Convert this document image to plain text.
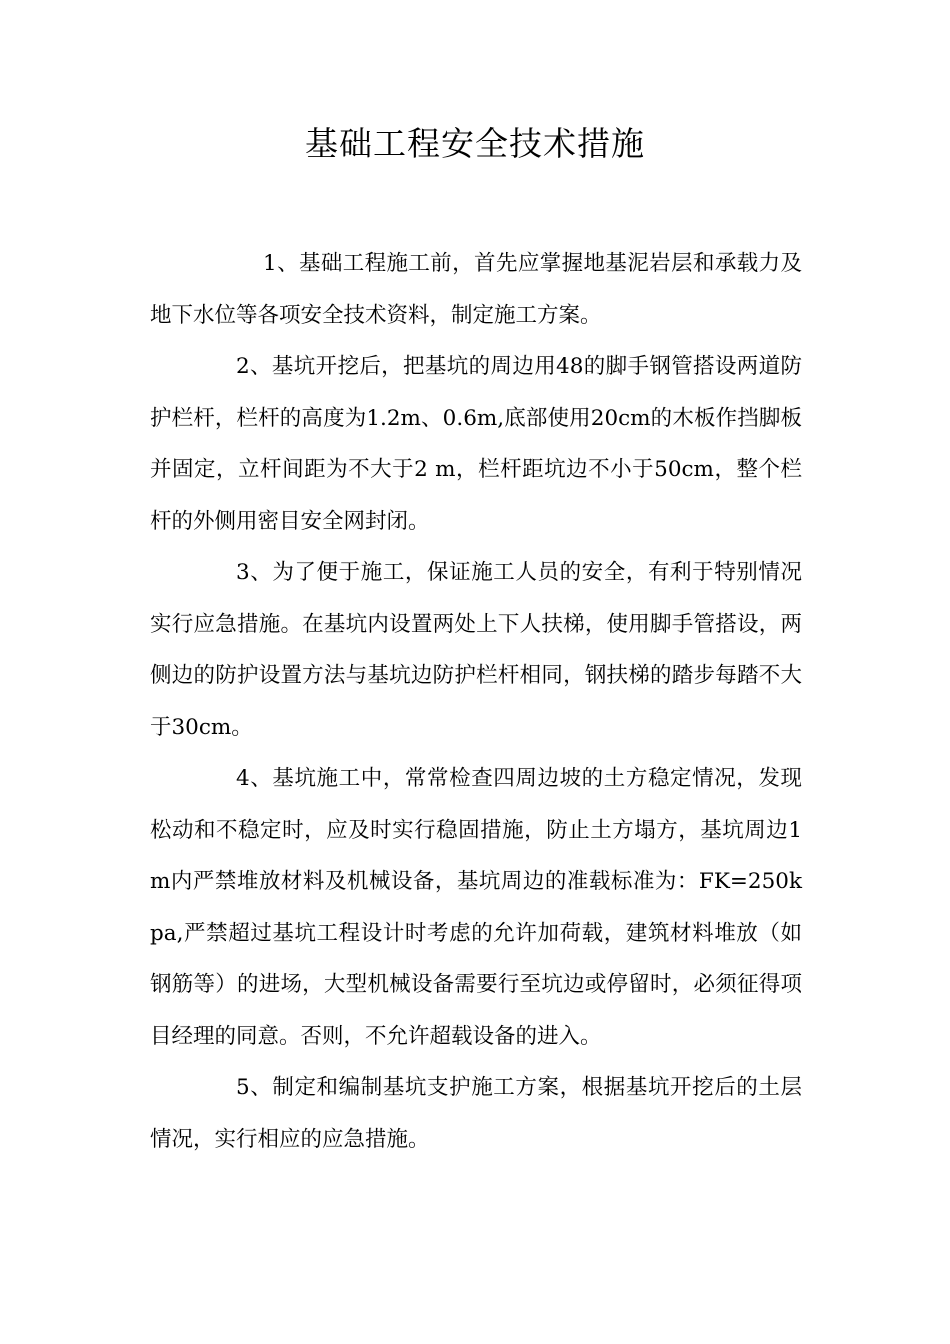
基础工程安全技术措施

1、基础工程施工前，首先应掌握地基泥岩层和承载力及地下水位等各项安全技术资料，制定施工方案。

2、基坑开挖后，把基坑的周边用48的脚手钢管搭设两道防护栏杆，栏杆的高度为1.2m、0.6m,底部使用20cm的木板作挡脚板并固定，立杆间距为不大于2 m，栏杆距坑边不小于50cm，整个栏杆的外侧用密目安全网封闭。

3、为了便于施工，保证施工人员的安全，有利于特别情况实行应急措施。在基坑内设置两处上下人扶梯，使用脚手管搭设，两侧边的防护设置方法与基坑边防护栏杆相同，钢扶梯的踏步每踏不大于30cm。

4、基坑施工中，常常检查四周边坡的土方稳定情况，发现松动和不稳定时，应及时实行稳固措施，防止土方塌方，基坑周边1 m内严禁堆放材料及机械设备，基坑周边的准载标准为：FK=250kpa,严禁超过基坑工程设计时考虑的允许加荷载，建筑材料堆放（如钢筋等）的进场，大型机械设备需要行至坑边或停留时，必须征得项目经理的同意。否则，不允许超载设备的进入。

5、制定和编制基坑支护施工方案，根据基坑开挖后的土层情况，实行相应的应急措施。
